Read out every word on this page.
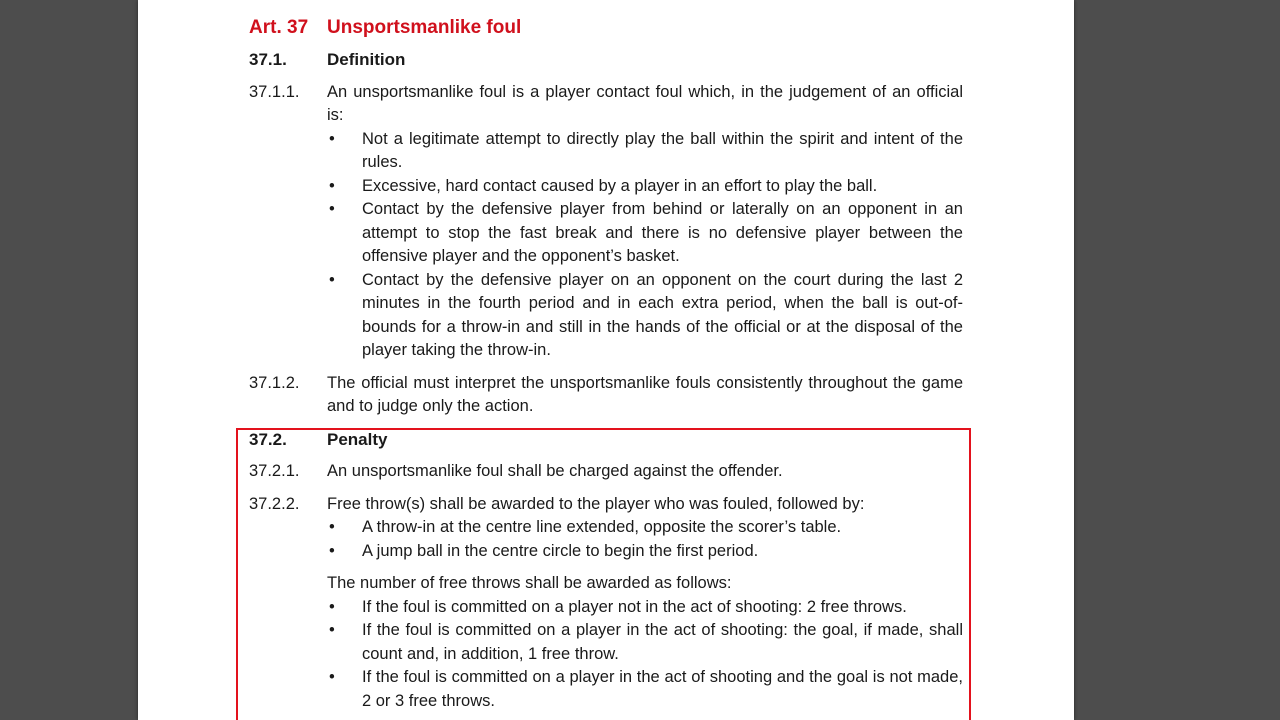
Art. 37 Unsportsmanlike foul
37.1.	Definition
37.1.1.	An unsportsmanlike foul is a player contact foul which, in the judgement of an official is:
•	Not a legitimate attempt to directly play the ball within the spirit and intent of the rules.
•	Excessive, hard contact caused by a player in an effort to play the ball.
•	Contact by the defensive player from behind or laterally on an opponent in an attempt to stop the fast break and there is no defensive player between the offensive player and the opponent’s basket.
•	Contact by the defensive player on an opponent on the court during the last 2 minutes in the fourth period and in each extra period, when the ball is out-of-bounds for a throw-in and still in the hands of the official or at the disposal of the player taking the throw-in.
37.1.2.	The official must interpret the unsportsmanlike fouls consistently throughout the game and to judge only the action.
37.2.	Penalty
37.2.1.	An unsportsmanlike foul shall be charged against the offender.
37.2.2.	Free throw(s) shall be awarded to the player who was fouled, followed by:
•	A throw-in at the centre line extended, opposite the scorer’s table.
•	A jump ball in the centre circle to begin the first period.
The number of free throws shall be awarded as follows:
•	If the foul is committed on a player not in the act of shooting: 2 free throws.
•	If the foul is committed on a player in the act of shooting: the goal, if made, shall count and, in addition, 1 free throw.
•	If the foul is committed on a player in the act of shooting and the goal is not made, 2 or 3 free throws.
